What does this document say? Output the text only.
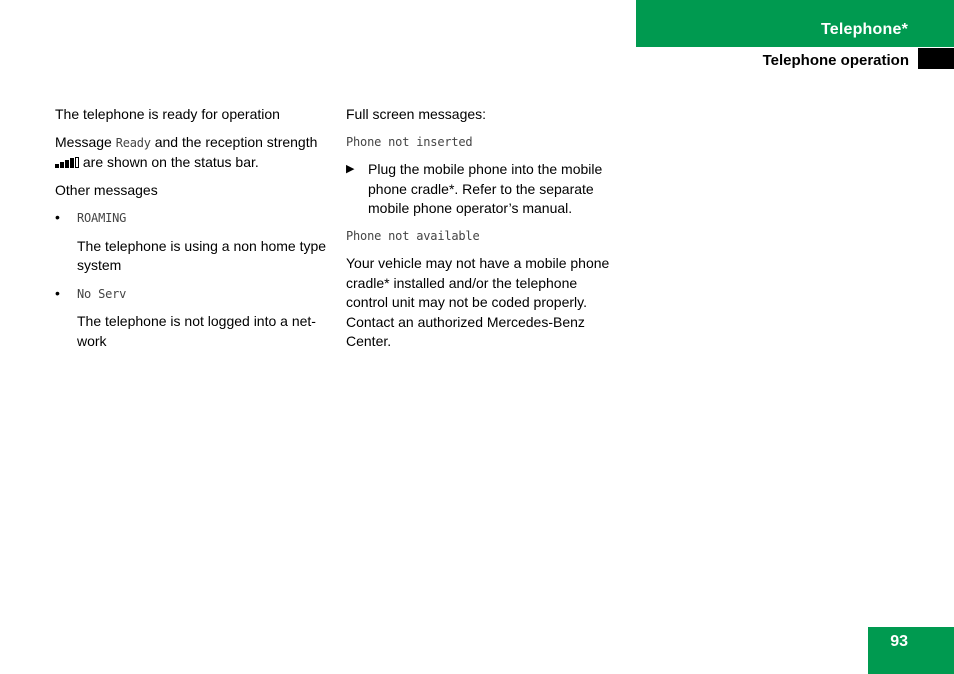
Telephone*
Telephone operation

The telephone is ready for operation

Message Ready and the reception strength

are shown on the status bar.

Other messages

• ROAMING

The telephone is using a non home type system

• No Serv

The telephone is not logged into a net-work

Full screen messages:

Phone not inserted

▶ Plug the mobile phone into the mobile phone cradle*. Refer to the separate mobile phone operator’s manual.

Phone not available

Your vehicle may not have a mobile phone cradle* installed and/or the telephone control unit may not be coded properly. Contact an authorized Mercedes-Benz Center.

93
